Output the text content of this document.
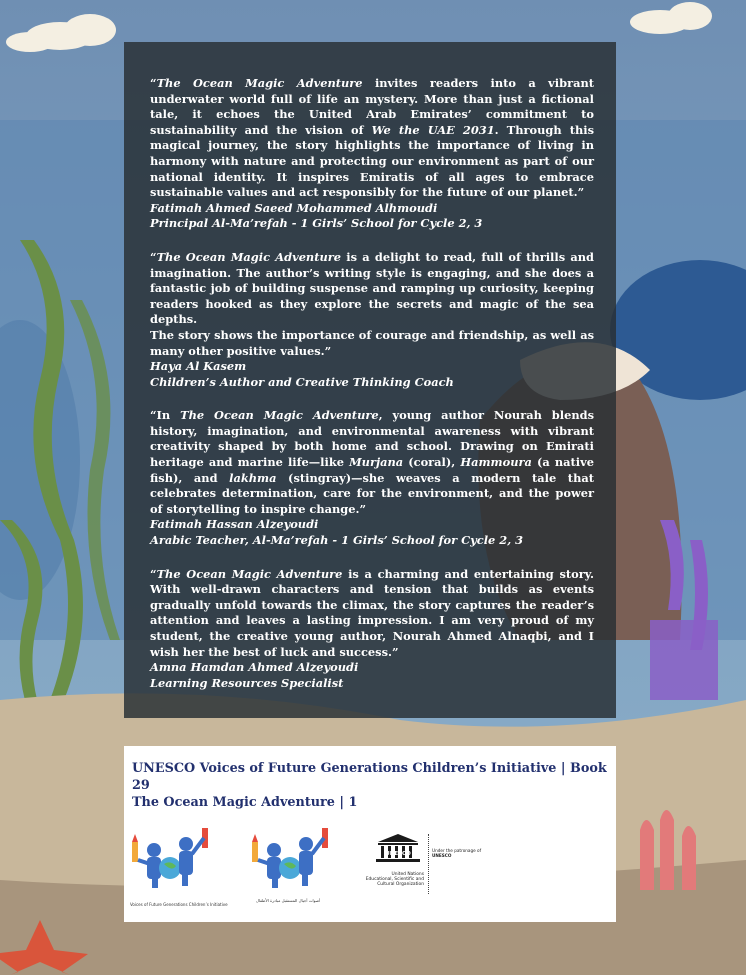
“The Ocean Magic Adventure invites readers into a vibrant underwater world full of life an mystery. More than just a fictional tale, it echoes the United Arab Emirates’ commitment to sustainability and the vision of We the UAE 2031. Through this magical journey, the story highlights the importance of living in harmony with nature and protecting our environment as part of our national identity. It inspires Emiratis of all ages to embrace sustainable values and act responsibly for the future of our planet.”

Fatimah Ahmed Saeed Mohammed Alhmoudi

Principal Al-Ma’refah - 1 Girls’ School for Cycle 2, 3

“The Ocean Magic Adventure is a delight to read, full of thrills and imagination. The author’s writing style is engaging, and she does a fantastic job of building suspense and ramping up curiosity, keeping readers hooked as they explore the secrets and magic of the sea depths.
The story shows the importance of courage and friendship, as well as many other positive values.”

Haya Al Kasem

Children’s Author and Creative Thinking Coach

“In The Ocean Magic Adventure, young author Nourah blends history, imagination, and environmental awareness with vibrant creativity shaped by both home and school. Drawing on Emirati heritage and marine life—like Murjana (coral), Hammoura (a native fish), and lakhma (stingray)—she weaves a modern tale that celebrates determination, care for the environment, and the power of storytelling to inspire change.”

Fatimah Hassan Alzeyoudi

Arabic Teacher, Al-Ma’refah - 1 Girls’ School for Cycle 2, 3

“The Ocean Magic Adventure is a charming and entertaining story. With well-drawn characters and tension that builds as events gradually unfold towards the climax, the story captures the reader’s attention and leaves a lasting impression. I am very proud of my student, the creative young author, Nourah Ahmed Alnaqbi, and I wish her the best of luck and success.”

Amna Hamdan Ahmed Alzeyoudi

Learning Resources Specialist

UNESCO Voices of Future Generations Children’s Initiative | Book 29
The Ocean Magic Adventure | 1
Voices of Future Generations Children’s Initiative
أصوات أجيال المستقبل مبادرة الأطفال
UNESCO
United Nations
Educational, Scientific and
Cultural Organization
Under the patronage of
UNESCO
